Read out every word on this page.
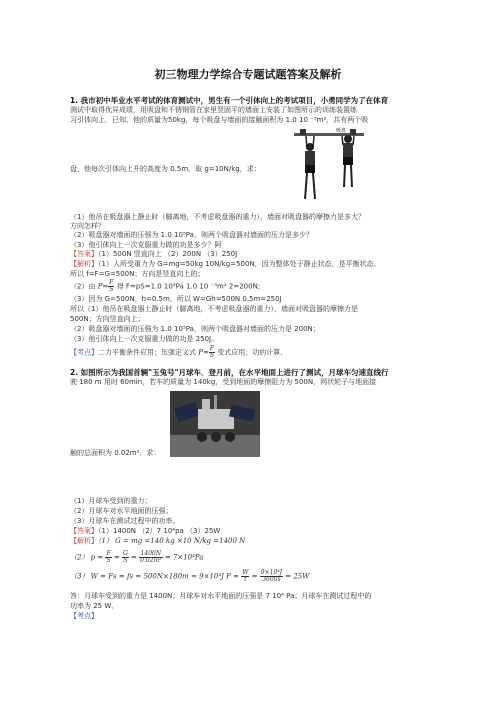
初三物理力学综合专题试题答案及解析
1. 我市初中毕业水平考试的体育测试中，男生有一个引体向上的考试项目，小勇同学为了在体育
测试中取得优异成绩，用吸盘和不锈钢管在家里竖固平的墙面上安装了如图所示的训练装置练
习引体向上．已知，他的质量为50kg，每个吸盘与墙面的接触面积为 1.0 10 ⁻³m²，共有两个吸
吸盘
盘，他每次引体向上升的高度为 0.5m，取 g=10N/kg，求：
（1）他吊在吸盘器上静止时（脚离地，不考虑吸盘器的重力），墙面对吸盘器的摩擦力是多大？
方向怎样？
（2）吸盘器对墙面的压强为 1.0 10⁵Pa，则两个吸盘器对墙面的压力是多少？
（3）他引体向上一次克服重力做的功是多少？阿
【答案】（1）500N 竖直向上 （2）200N （3）250J
【解析】（1）人所受重力为 G=mg=50kg 10N/kg=500N，因为整体处于静止状态，是平衡状态，
所以 f=F=G=500N；方向是竖直向上的；
（2）由 $P= \frac{F}{S}$ 得 F=pS=1.0 10⁵Pa 1.0 10 ⁻³m² 2=200N;
（3）因为 G=500N，h=0.5m，所以 W=Gh=500N 0.5m=250J
所以（1）他吊在吸盘器上静止时（脚离地，不考虑吸盘器的重力），墙面对吸盘器的摩擦力是
500N；方向竖直向上；
（2）吸盘器对墙面的压强为 1.0 10⁵Pa，则两个吸盘器对墙面的压力是 200N；
（3）他引体向上一次克服重力做的功是 250J。
【考点】二力平衡条件应用；压强定义式 $P= \frac{F}{S}$ 变式应用；功的计算．
2. 如图所示为我国首辆"玉兔号"月球车．登月前，在水平地面上进行了测试，月球车匀速直线行
驶 180 m 用时 60min，若车的质量为 140kg，受到地面的摩擦阻力为 500N，网状轮子与地面接
触的总面积为 0.02m²．求：
（1）月球车受到的重力；
（2）月球车对水平地面的压强；
（3）月球车在测试过程中的功率。
【答案】（1）1400N （2）7 10⁴pa （3）25W
【解析】（1） G = mg =140 kg ×10 N/kg =1400 N
（2） $p = \frac{F}{S} = \frac{G}{S} = \frac{1400N}{\text{0.02m²}} = 7\times 10^4Pa$
（3） W = Fs = fs = 500N×180m = 9×10⁴J $P = \frac{W}{t} = \frac{\text{9×10⁴J}}{3600s} = 25W$
答：月球车受到的重力是 1400N；月球车对水平地面的压强是 7 10⁴ Pa；月球车在测试过程中的
功率为 25 W．
【考点】
